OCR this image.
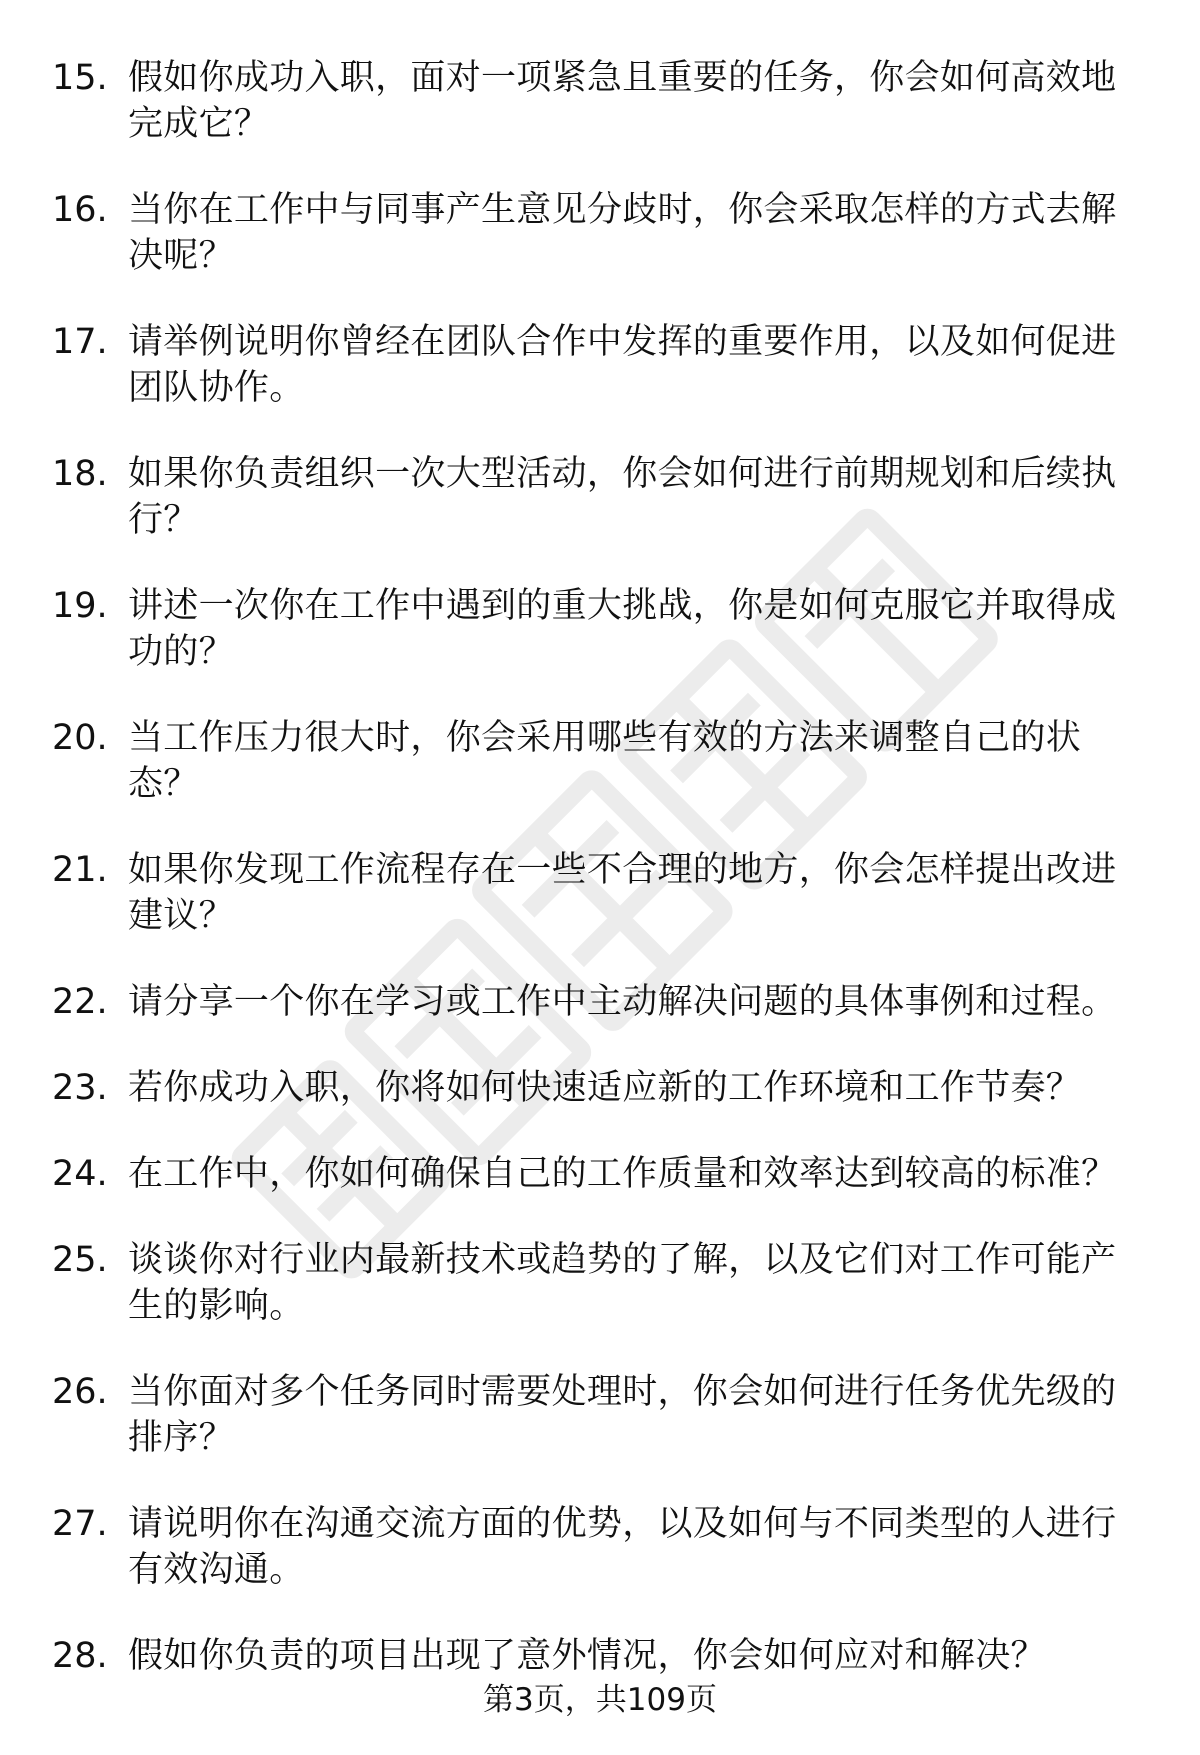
15. 假如你成功入职，面对一项紧急且重要的任务，你会如何高效地完成它？
16. 当你在工作中与同事产生意见分歧时，你会采取怎样的方式去解决呢？
17. 请举例说明你曾经在团队合作中发挥的重要作用，以及如何促进团队协作。
18. 如果你负责组织一次大型活动，你会如何进行前期规划和后续执行？
19. 讲述一次你在工作中遇到的重大挑战，你是如何克服它并取得成功的？
20. 当工作压力很大时，你会采用哪些有效的方法来调整自己的状态？
21. 如果你发现工作流程存在一些不合理的地方，你会怎样提出改进建议？
22. 请分享一个你在学习或工作中主动解决问题的具体事例和过程。
23. 若你成功入职，你将如何快速适应新的工作环境和工作节奏？
24. 在工作中，你如何确保自己的工作质量和效率达到较高的标准？
25. 谈谈你对行业内最新技术或趋势的了解，以及它们对工作可能产生的影响。
26. 当你面对多个任务同时需要处理时，你会如何进行任务优先级的排序？
27. 请说明你在沟通交流方面的优势，以及如何与不同类型的人进行有效沟通。
28. 假如你负责的项目出现了意外情况，你会如何应对和解决？
第3页，共109页
